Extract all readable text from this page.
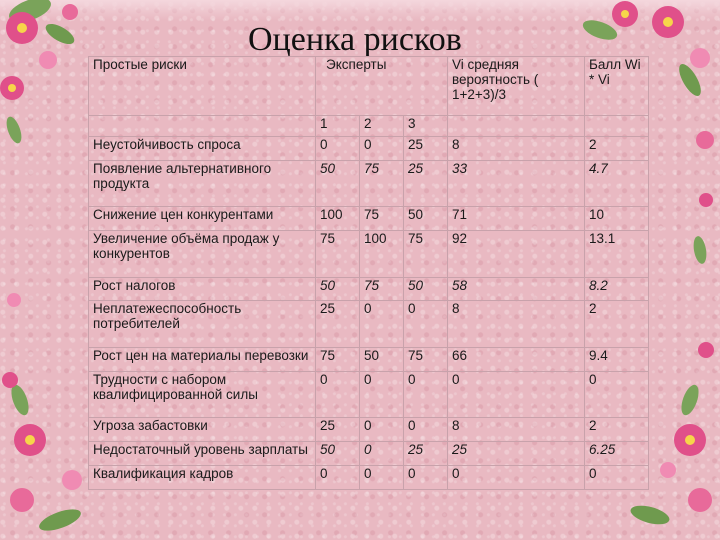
Оценка рисков
Простые риски	Эксперты			Vi средняя вероятность ( 1+2+3)/3	Балл Wi * Vi
	1	2	3		
Неустойчивость спроса	0	0	25	8	2
Появление альтернативного продукта	50	75	25	33	4.7
Снижение цен конкурентами	100	75	50	71	10
Увеличение объёма продаж у конкурентов	75	100	75	92	13.1
Рост налогов	50	75	50	58	8.2
Неплатежеспособность потребителей	25	0	0	8	2
Рост цен на материалы перевозки	75	50	75	66	9.4
Трудности с набором квалифицированной силы	0	0	0	0	0
Угроза забастовки	25	0	0	8	2
Недостаточный уровень зарплаты	50	0	25	25	6.25
Квалификация кадров	0	0	0	0	0
